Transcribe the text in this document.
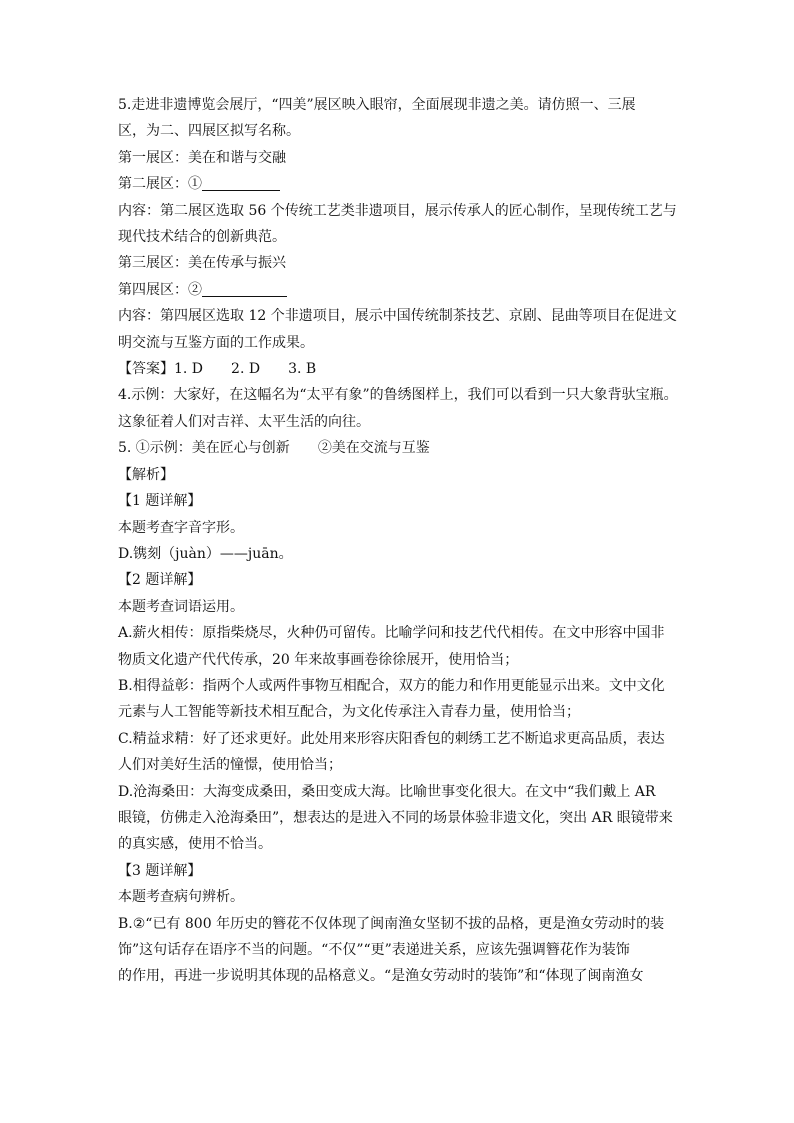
5.走进非遗博览会展厅，“四美”展区映入眼帘，全面展现非遗之美。请仿照一、三展
区，为二、四展区拟写名称。
第一展区：美在和谐与交融
第二展区：①
内容：第二展区选取 56 个传统工艺类非遗项目，展示传承人的匠心制作，呈现传统工艺与
现代技术结合的创新典范。
第三展区：美在传承与振兴
第四展区：②
内容：第四展区选取 12 个非遗项目，展示中国传统制茶技艺、京剧、昆曲等项目在促进文
明交流与互鉴方面的工作成果。
【答案】1. D 2. D 3. B
4.示例：大家好，在这幅名为“太平有象”的鲁绣图样上，我们可以看到一只大象背驮宝瓶。
这象征着人们对吉祥、太平生活的向往。
5. ①示例：美在匠心与创新 ②美在交流与互鉴
【解析】
【1 题详解】
本题考查字音字形。
D.镌刻（juàn）——juān。
【2 题详解】
本题考查词语运用。
A.薪火相传：原指柴烧尽，火种仍可留传。比喻学问和技艺代代相传。在文中形容中国非
物质文化遗产代代传承，20 年来故事画卷徐徐展开，使用恰当；
B.相得益彰：指两个人或两件事物互相配合，双方的能力和作用更能显示出来。文中文化
元素与人工智能等新技术相互配合，为文化传承注入青春力量，使用恰当；
C.精益求精：好了还求更好。此处用来形容庆阳香包的刺绣工艺不断追求更高品质，表达
人们对美好生活的憧憬，使用恰当；
D.沧海桑田：大海变成桑田，桑田变成大海。比喻世事变化很大。在文中“我们戴上 AR
眼镜，仿佛走入沧海桑田”，想表达的是进入不同的场景体验非遗文化，突出 AR 眼镜带来
的真实感，使用不恰当。
【3 题详解】
本题考查病句辨析。
B.②“已有 800 年历史的簪花不仅体现了闽南渔女坚韧不拔的品格，更是渔女劳动时的装
饰”这句话存在语序不当的问题。“不仅”“更”表递进关系，应该先强调簪花作为装饰
的作用，再进一步说明其体现的品格意义。“是渔女劳动时的装饰”和“体现了闽南渔女
